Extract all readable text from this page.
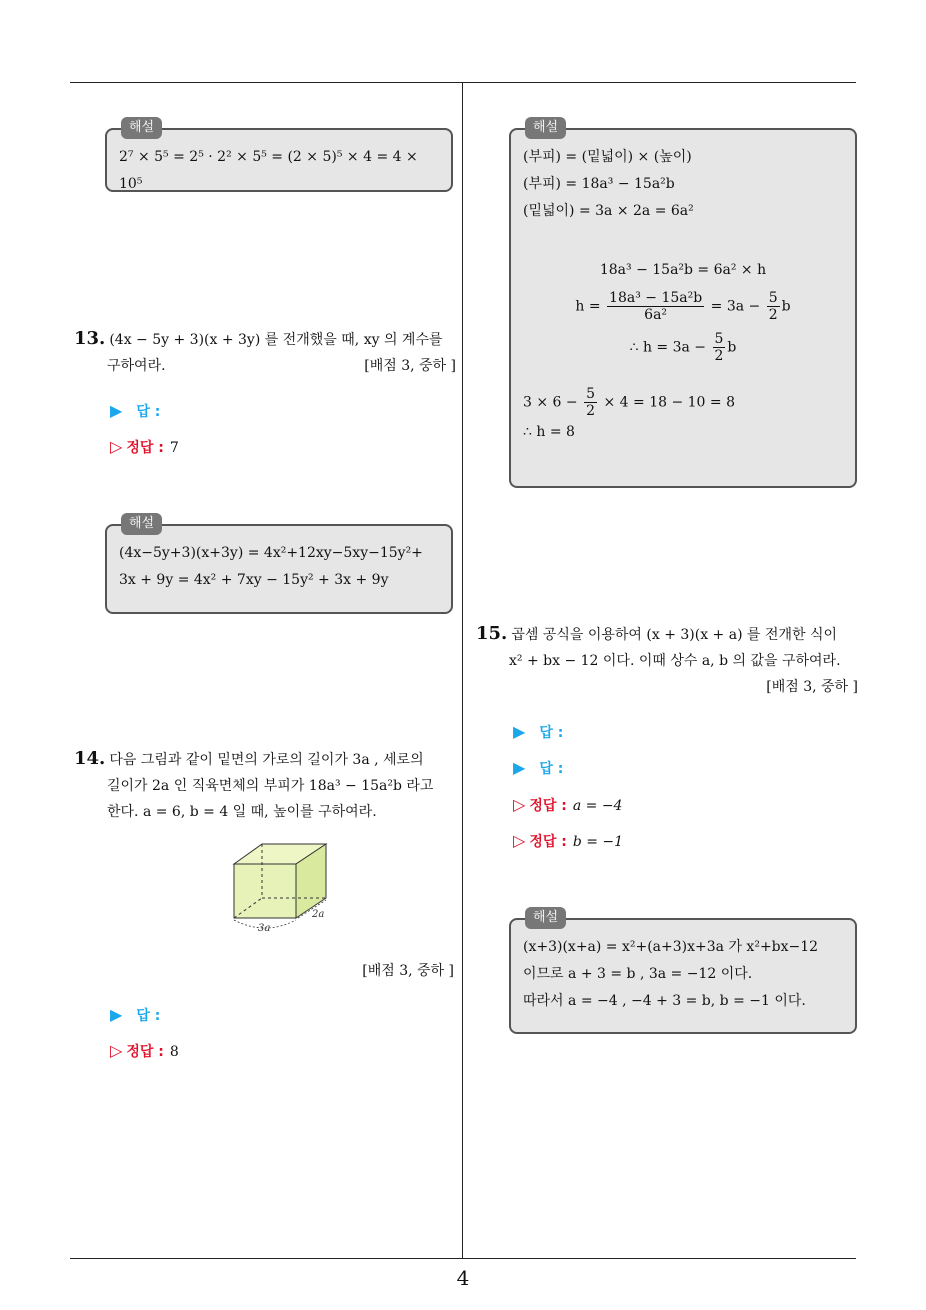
4
해설
2⁷ × 5⁵ = 2⁵ · 2² × 5⁵ = (2 × 5)⁵ × 4 = 4 × 10⁵
13. (4x − 5y + 3)(x + 3y) 를 전개했을 때, xy 의 계수를
구하여라.	[배점 3, 중하 ]
▶ 답 :
▷ 정답 : 7
해설
(4x−5y+3)(x+3y) = 4x²+12xy−5xy−15y²+
3x + 9y = 4x² + 7xy − 15y² + 3x + 9y
14. 다음 그림과 같이 밑면의 가로의 길이가 3a , 세로의
길이가 2a 인 직육면체의 부피가 18a³ − 15a²b 라고
한다. a = 6, b = 4 일 때, 높이를 구하여라.
3a
2a
[배점 3, 중하 ]
▶ 답 :
▷ 정답 : 8
해설
(부피) = (밑넓이) × (높이)
(부피) = 18a³ − 15a²b
(밑넓이) = 3a × 2a = 6a²
18a³ − 15a²b = 6a² × h
$h = \frac{\text{18a³ − 15a²b}}{\text{6a²}} = 3a - \frac{5}{2}$ b
∴ $h = 3a - \frac{5}{2}$ b
$3 \times 6 - \frac{5}{2} \times 4 = 18 - 10 = 8$
∴ h = 8
15. 곱셈 공식을 이용하여 (x + 3)(x + a) 를 전개한 식이
x² + bx − 12 이다. 이때 상수 a, b 의 값을 구하여라.
[배점 3, 중하 ]
▶ 답 :
▶ 답 :
▷ 정답 : a = −4
▷ 정답 : b = −1
해설
(x+3)(x+a) = x²+(a+3)x+3a 가 x²+bx−12
이므로 a + 3 = b , 3a = −12 이다.
따라서 a = −4 , −4 + 3 = b, b = −1 이다.
